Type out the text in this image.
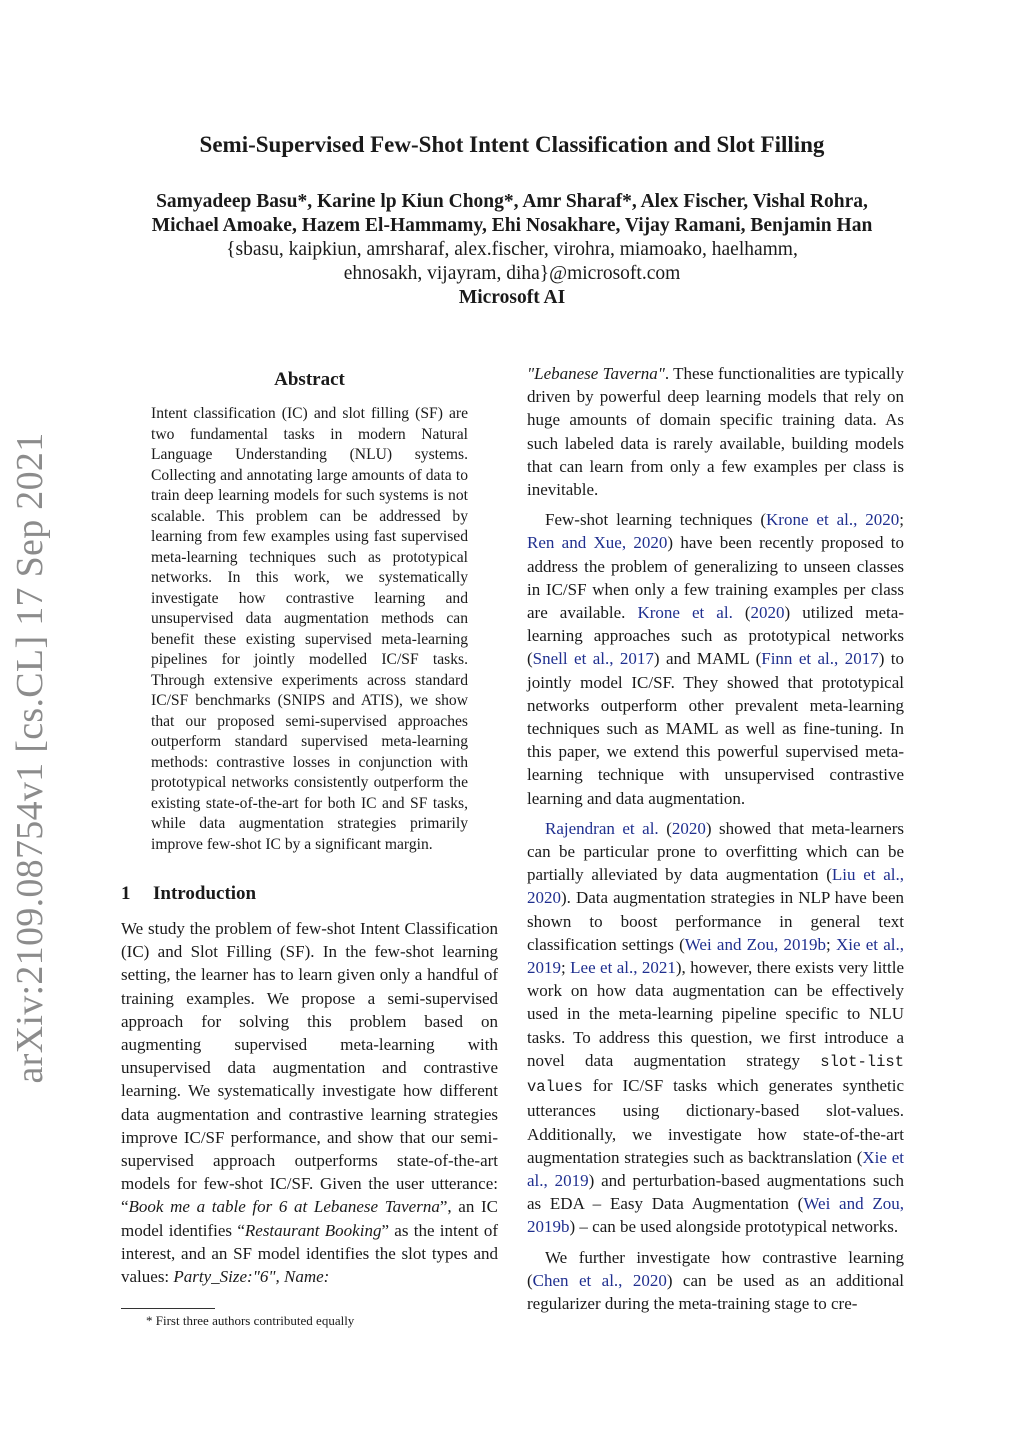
arXiv:2109.08754v1 [cs.CL] 17 Sep 2021
Semi-Supervised Few-Shot Intent Classification and Slot Filling
Samyadeep Basu*, Karine lp Kiun Chong*, Amr Sharaf*, Alex Fischer, Vishal Rohra,
Michael Amoake, Hazem El-Hammamy, Ehi Nosakhare, Vijay Ramani, Benjamin Han
{sbasu, kaipkiun, amrsharaf, alex.fischer, virohra, miamoako, haelhamm,
ehnosakh, vijayram, diha}@microsoft.com
Microsoft AI
Abstract
Intent classification (IC) and slot filling (SF) are two fundamental tasks in modern Natural Language Understanding (NLU) systems. Collecting and annotating large amounts of data to train deep learning models for such systems is not scalable. This problem can be addressed by learning from few examples using fast supervised meta-learning techniques such as prototypical networks. In this work, we systematically investigate how contrastive learning and unsupervised data augmentation methods can benefit these existing supervised meta-learning pipelines for jointly modelled IC/SF tasks. Through extensive experiments across standard IC/SF benchmarks (SNIPS and ATIS), we show that our proposed semi-supervised approaches outperform standard supervised meta-learning methods: contrastive losses in conjunction with prototypical networks consistently outperform the existing state-of-the-art for both IC and SF tasks, while data augmentation strategies primarily improve few-shot IC by a significant margin.
1 Introduction

We study the problem of few-shot Intent Classification (IC) and Slot Filling (SF). In the few-shot learning setting, the learner has to learn given only a handful of training examples. We propose a semi-supervised approach for solving this problem based on augmenting supervised meta-learning with unsupervised data augmentation and contrastive learning. We systematically investigate how different data augmentation and contrastive learning strategies improve IC/SF performance, and show that our semi-supervised approach outperforms state-of-the-art models for few-shot IC/SF. Given the user utterance: “Book me a table for 6 at Lebanese Taverna”, an IC model identifies “Restaurant Booking” as the intent of interest, and an SF model identifies the slot types and values: Party_Size:"6", Name:

"Lebanese Taverna". These functionalities are typically driven by powerful deep learning models that rely on huge amounts of domain specific training data. As such labeled data is rarely available, building models that can learn from only a few examples per class is inevitable.

Few-shot learning techniques (Krone et al., 2020; Ren and Xue, 2020) have been recently proposed to address the problem of generalizing to unseen classes in IC/SF when only a few training examples per class are available. Krone et al. (2020) utilized meta-learning approaches such as prototypical networks (Snell et al., 2017) and MAML (Finn et al., 2017) to jointly model IC/SF. They showed that prototypical networks outperform other prevalent meta-learning techniques such as MAML as well as fine-tuning. In this paper, we extend this powerful supervised meta-learning technique with unsupervised contrastive learning and data augmentation.

Rajendran et al. (2020) showed that meta-learners can be particular prone to overfitting which can be partially alleviated by data augmentation (Liu et al., 2020). Data augmentation strategies in NLP have been shown to boost performance in general text classification settings (Wei and Zou, 2019b; Xie et al., 2019; Lee et al., 2021), however, there exists very little work on how data augmentation can be effectively used in the meta-learning pipeline specific to NLU tasks. To address this question, we first introduce a novel data augmentation strategy slot-list values for IC/SF tasks which generates synthetic utterances using dictionary-based slot-values. Additionally, we investigate how state-of-the-art augmentation strategies such as backtranslation (Xie et al., 2019) and perturbation-based augmentations such as EDA – Easy Data Augmentation (Wei and Zou, 2019b) – can be used alongside prototypical networks.

We further investigate how contrastive learning (Chen et al., 2020) can be used as an additional regularizer during the meta-training stage to cre-

* First three authors contributed equally
